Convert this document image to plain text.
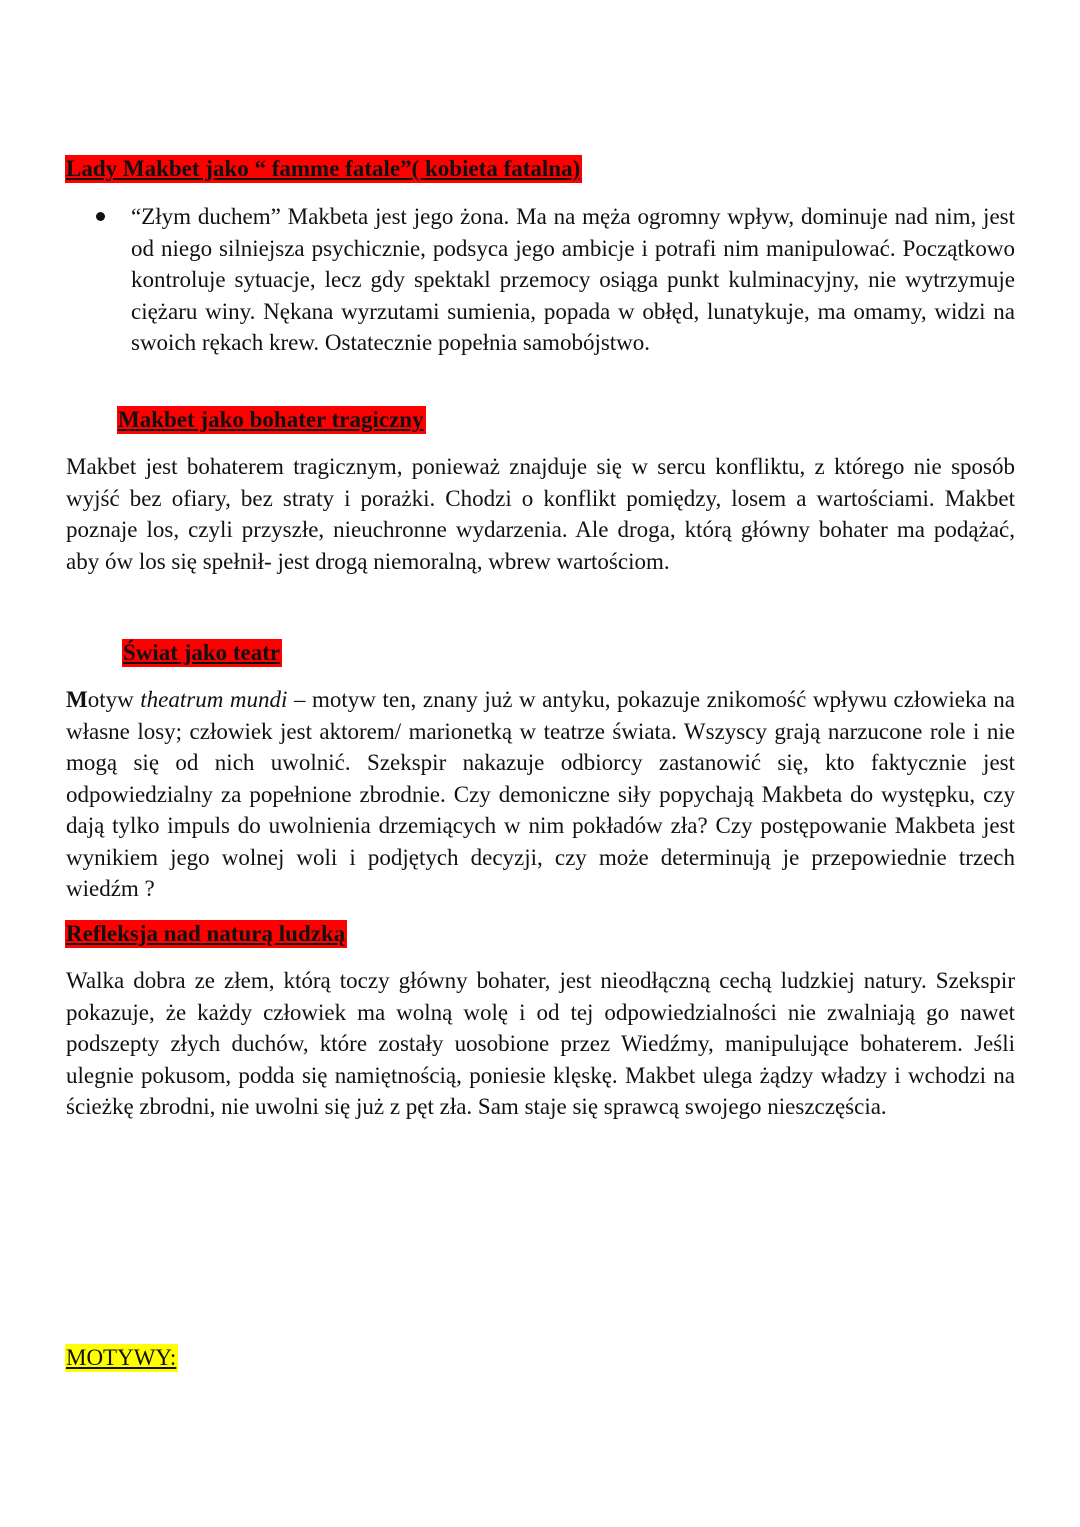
Lady Makbet jako “ famme fatale”( kobieta fatalna)
“Złym duchem” Makbeta jest jego żona. Ma na męża ogromny wpływ, dominuje nad nim, jest od niego silniejsza psychicznie, podsyca jego ambicje i potrafi nim manipulować. Początkowo kontroluje sytuacje, lecz gdy spektakl przemocy osiąga punkt kulminacyjny, nie wytrzymuje ciężaru winy. Nękana wyrzutami sumienia, popada w obłęd, lunatykuje, ma omamy, widzi na swoich rękach krew. Ostatecznie popełnia samobójstwo.
Makbet jako bohater tragiczny
Makbet jest bohaterem tragicznym, ponieważ znajduje się w sercu konfliktu, z którego nie sposób wyjść bez ofiary, bez straty i porażki. Chodzi o konflikt pomiędzy, losem a wartościami. Makbet poznaje los, czyli przyszłe, nieuchronne wydarzenia. Ale droga, którą główny bohater ma podążać, aby ów los się spełnił- jest drogą niemoralną, wbrew wartościom.
Świat jako teatr
Motyw theatrum mundi – motyw ten, znany już w antyku, pokazuje znikomość wpływu człowieka na własne losy; człowiek jest aktorem/ marionetką w teatrze świata. Wszyscy grają narzucone role i nie mogą się od nich uwolnić. Szekspir nakazuje odbiorcy zastanowić się, kto faktycznie jest odpowiedzialny za popełnione zbrodnie. Czy demoniczne siły popychają Makbeta do występku, czy dają tylko impuls do uwolnienia drzemiących w nim pokładów zła? Czy postępowanie Makbeta jest wynikiem jego wolnej woli i podjętych decyzji, czy może determinują je przepowiednie trzech wiedźm ?
Refleksja nad naturą ludzką
Walka dobra ze złem, którą toczy główny bohater, jest nieodłączną cechą ludzkiej natury. Szekspir pokazuje, że każdy człowiek ma wolną wolę i od tej odpowiedzialności nie zwalniają go nawet podszepty złych duchów, które zostały uosobione przez Wiedźmy, manipulujące bohaterem. Jeśli ulegnie pokusom, podda się namiętnością, poniesie klęskę. Makbet ulega żądzy władzy i wchodzi na ścieżkę zbrodni, nie uwolni się już z pęt zła. Sam staje się sprawcą swojego nieszczęścia.
MOTYWY:
